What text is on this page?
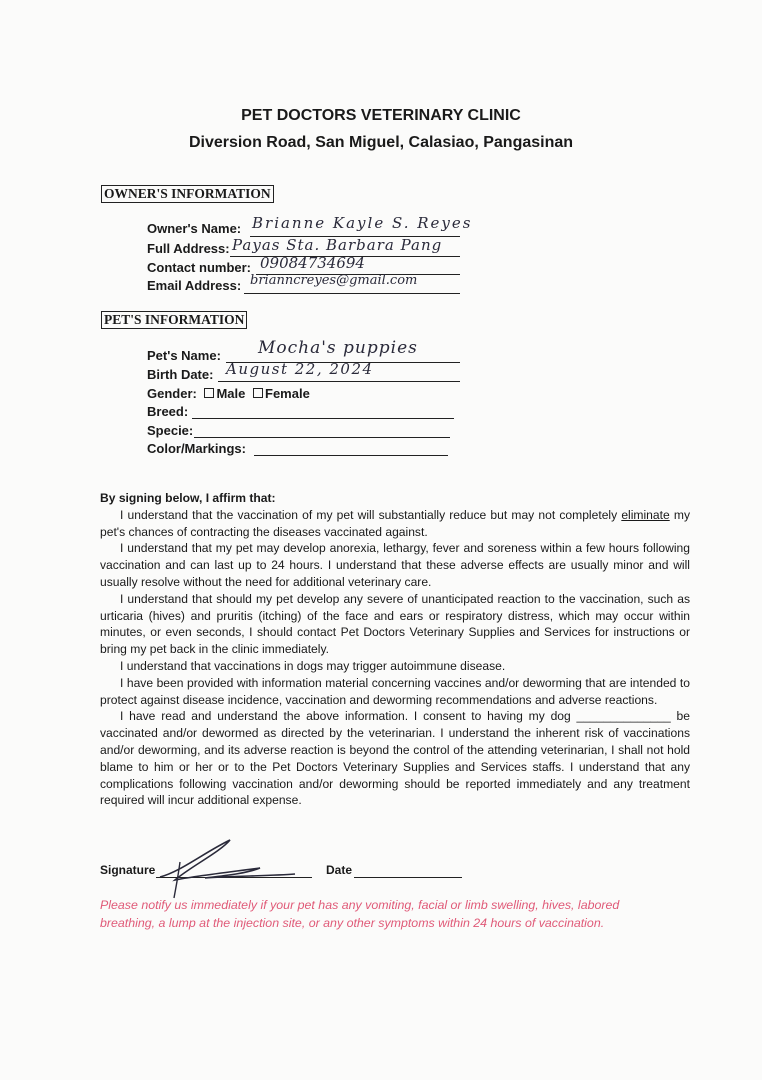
PET DOCTORS VETERINARY CLINIC
Diversion Road, San Miguel, Calasiao, Pangasinan
OWNER'S INFORMATION
Owner's Name: Brianne Kayle S. Reyes
Full Address: Payas Sta. Barbara Pang
Contact number: 09084734694
Email Address: brianncreyes@gmail.com
PET'S INFORMATION
Pet's Name: Mocha's puppies
Birth Date: August 22, 2024
Gender: Male Female
Breed:
Specie:
Color/Markings:

By signing below, I affirm that:

I understand that the vaccination of my pet will substantially reduce but may not completely eliminate my pet's chances of contracting the diseases vaccinated against.

I understand that my pet may develop anorexia, lethargy, fever and soreness within a few hours following vaccination and can last up to 24 hours. I understand that these adverse effects are usually minor and will usually resolve without the need for additional veterinary care.

I understand that should my pet develop any severe of unanticipated reaction to the vaccination, such as urticaria (hives) and pruritis (itching) of the face and ears or respiratory distress, which may occur within minutes, or even seconds, I should contact Pet Doctors Veterinary Supplies and Services for instructions or bring my pet back in the clinic immediately.

I understand that vaccinations in dogs may trigger autoimmune disease.

I have been provided with information material concerning vaccines and/or deworming that are intended to protect against disease incidence, vaccination and deworming recommendations and adverse reactions.

I have read and understand the above information. I consent to having my dog ______________ be vaccinated and/or dewormed as directed by the veterinarian. I understand the inherent risk of vaccinations and/or deworming, and its adverse reaction is beyond the control of the attending veterinarian, I shall not hold blame to him or her or to the Pet Doctors Veterinary Supplies and Services staffs. I understand that any complications following vaccination and/or deworming should be reported immediately and any treatment required will incur additional expense.

Signature	Date
Please notify us immediately if your pet has any vomiting, facial or limb swelling, hives, labored breathing, a lump at the injection site, or any other symptoms within 24 hours of vaccination.
